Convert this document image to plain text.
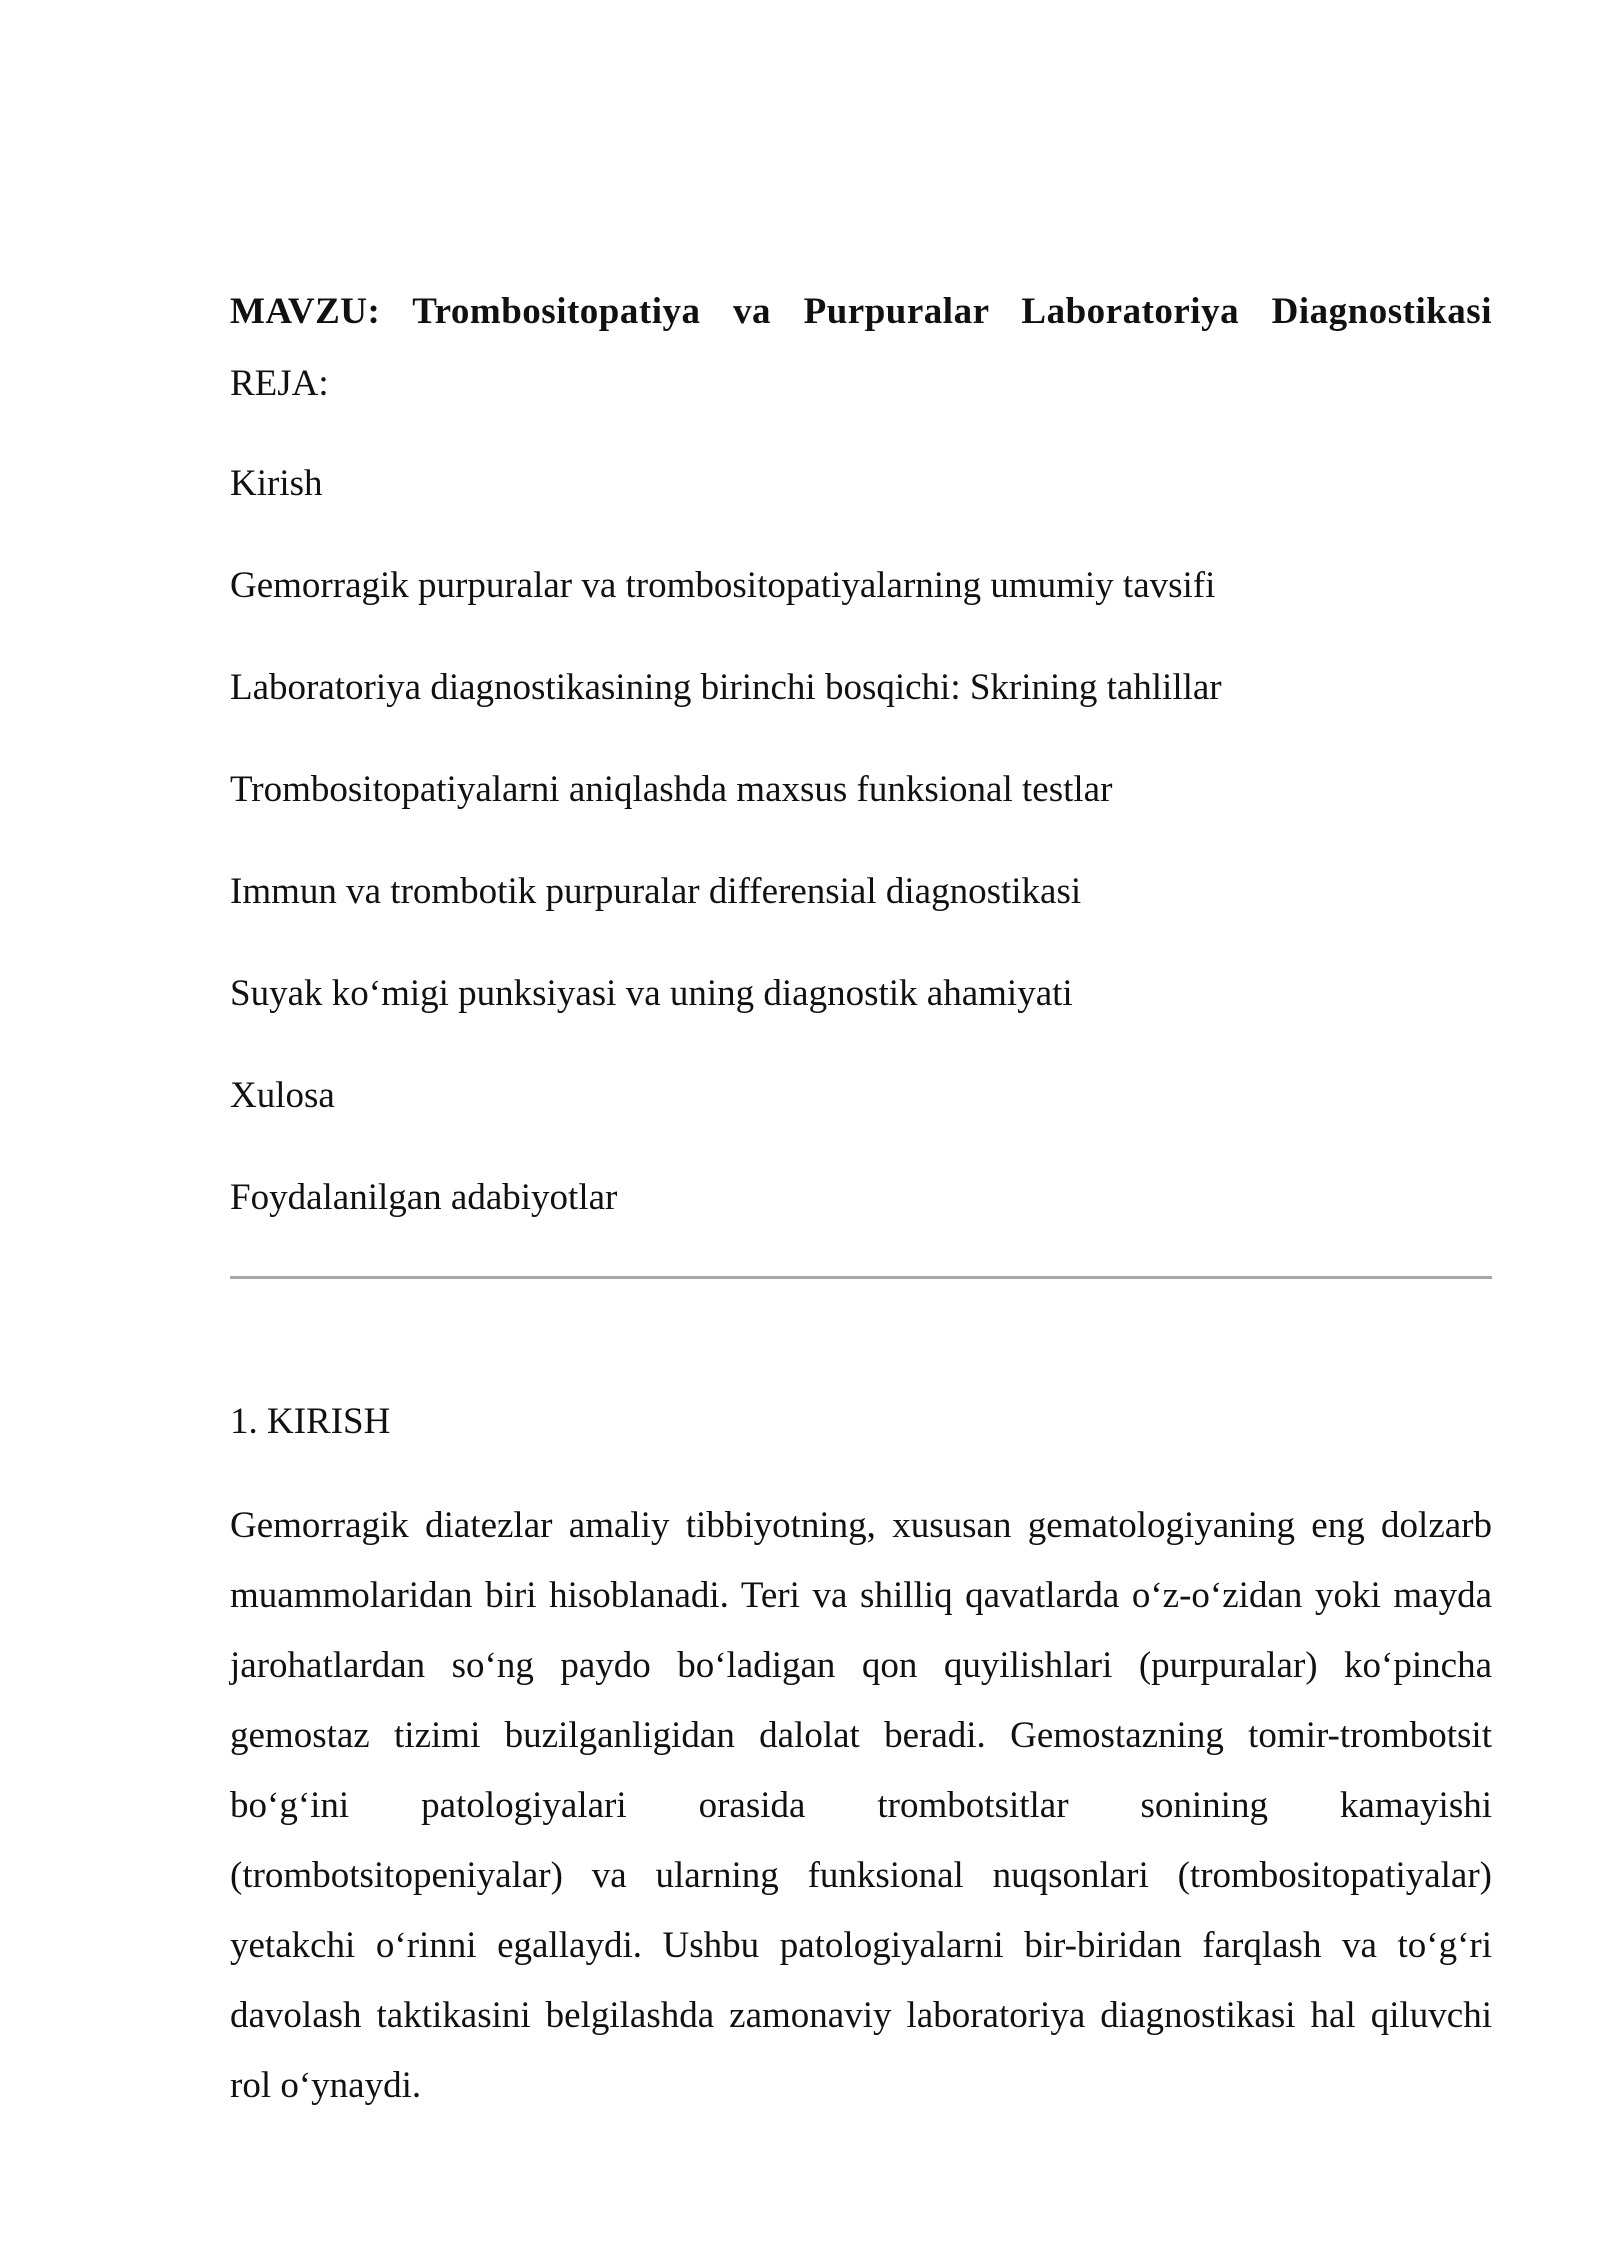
MAVZU: Trombositopatiya va Purpuralar Laboratoriya Diagnostikasi
REJA:
Kirish
Gemorragik purpuralar va trombositopatiyalarning umumiy tavsifi
Laboratoriya diagnostikasining birinchi bosqichi: Skrining tahlillar
Trombositopatiyalarni aniqlashda maxsus funksional testlar
Immun va trombotik purpuralar differensial diagnostikasi
Suyak ko‘migi punksiyasi va uning diagnostik ahamiyati
Xulosa
Foydalanilgan adabiyotlar
1. KIRISH

Gemorragik diatezlar amaliy tibbiyotning, xususan gematologiyaning eng dolzarb muammolaridan biri hisoblanadi. Teri va shilliq qavatlarda o‘z-o‘zidan yoki mayda jarohatlardan so‘ng paydo bo‘ladigan qon quyilishlari (purpuralar) ko‘pincha gemostaz tizimi buzilganligidan dalolat beradi. Gemostazning tomir-trombotsit bo‘g‘ini patologiyalari orasida trombotsitlar sonining kamayishi (trombotsitopeniyalar) va ularning funksional nuqsonlari (trombositopatiyalar) yetakchi o‘rinni egallaydi. Ushbu patologiyalarni bir-biridan farqlash va to‘g‘ri davolash taktikasini belgilashda zamonaviy laboratoriya diagnostikasi hal qiluvchi rol o‘ynaydi.
